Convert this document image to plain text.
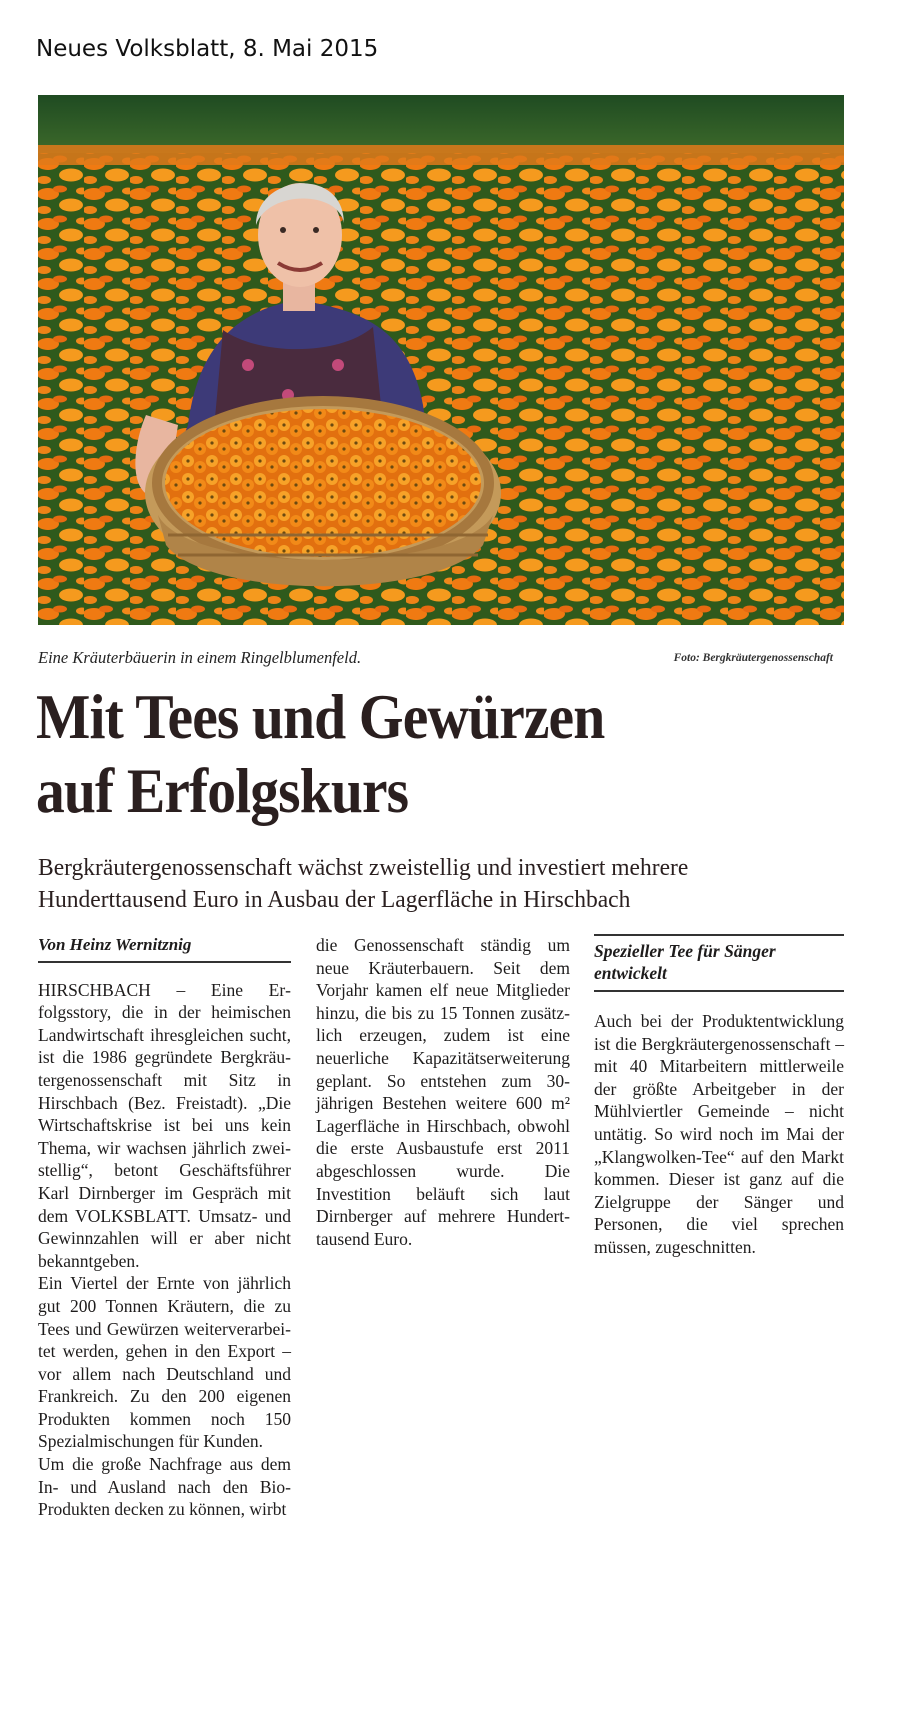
Neues Volksblatt, 8. Mai 2015
Eine Kräuterbäuerin in einem Ringelblumenfeld.	Foto: Bergkräutergenossenschaft
Mit Tees und Gewürzen
auf Erfolgskurs

Bergkräutergenossenschaft wächst zweistellig und investiert mehrere Hunderttausend Euro in Ausbau der Lagerfläche in Hirschbach

Von Heinz Wernitznig

HIRSCHBACH – Eine Erfolgsstory, die in der heimischen Landwirtschaft ihresgleichen sucht, ist die 1986 gegründete Bergkräutergenossenschaft mit Sitz in Hirschbach (Bez. Freistadt). „Die Wirtschaftskrise ist bei uns kein Thema, wir wachsen jährlich zweistellig“, betont Geschäftsführer Karl Dirnberger im Gespräch mit dem VOLKSBLATT. Umsatz- und Gewinnzahlen will er aber nicht bekanntgeben.

Ein Viertel der Ernte von jährlich gut 200 Tonnen Kräutern, die zu Tees und Gewürzen weiterverarbeitet werden, gehen in den Export – vor allem nach Deutschland und Frankreich. Zu den 200 eigenen Produkten kommen noch 150 Spezialmischungen für Kunden.

Um die große Nachfrage aus dem In- und Ausland nach den Bio-Produkten decken zu können, wirbt

die Genossenschaft ständig um neue Kräuterbauern. Seit dem Vorjahr kamen elf neue Mitglieder hinzu, die bis zu 15 Tonnen zusätzlich erzeugen, zudem ist eine neuerliche Kapazitätserweiterung geplant. So entstehen zum 30-jährigen Bestehen weitere 600 m² Lagerfläche in Hirschbach, obwohl die erste Ausbaustufe erst 2011 abgeschlossen wurde. Die Investition beläuft sich laut Dirnberger auf mehrere Hunderttausend Euro.

Spezieller Tee für Sänger entwickelt

Auch bei der Produktentwicklung ist die Bergkräutergenossenschaft – mit 40 Mitarbeitern mittlerweile der größte Arbeitgeber in der Mühlviertler Gemeinde – nicht untätig. So wird noch im Mai der „Klangwolken-Tee“ auf den Markt kommen. Dieser ist ganz auf die Zielgruppe der Sänger und Personen, die viel sprechen müssen, zugeschnitten.
